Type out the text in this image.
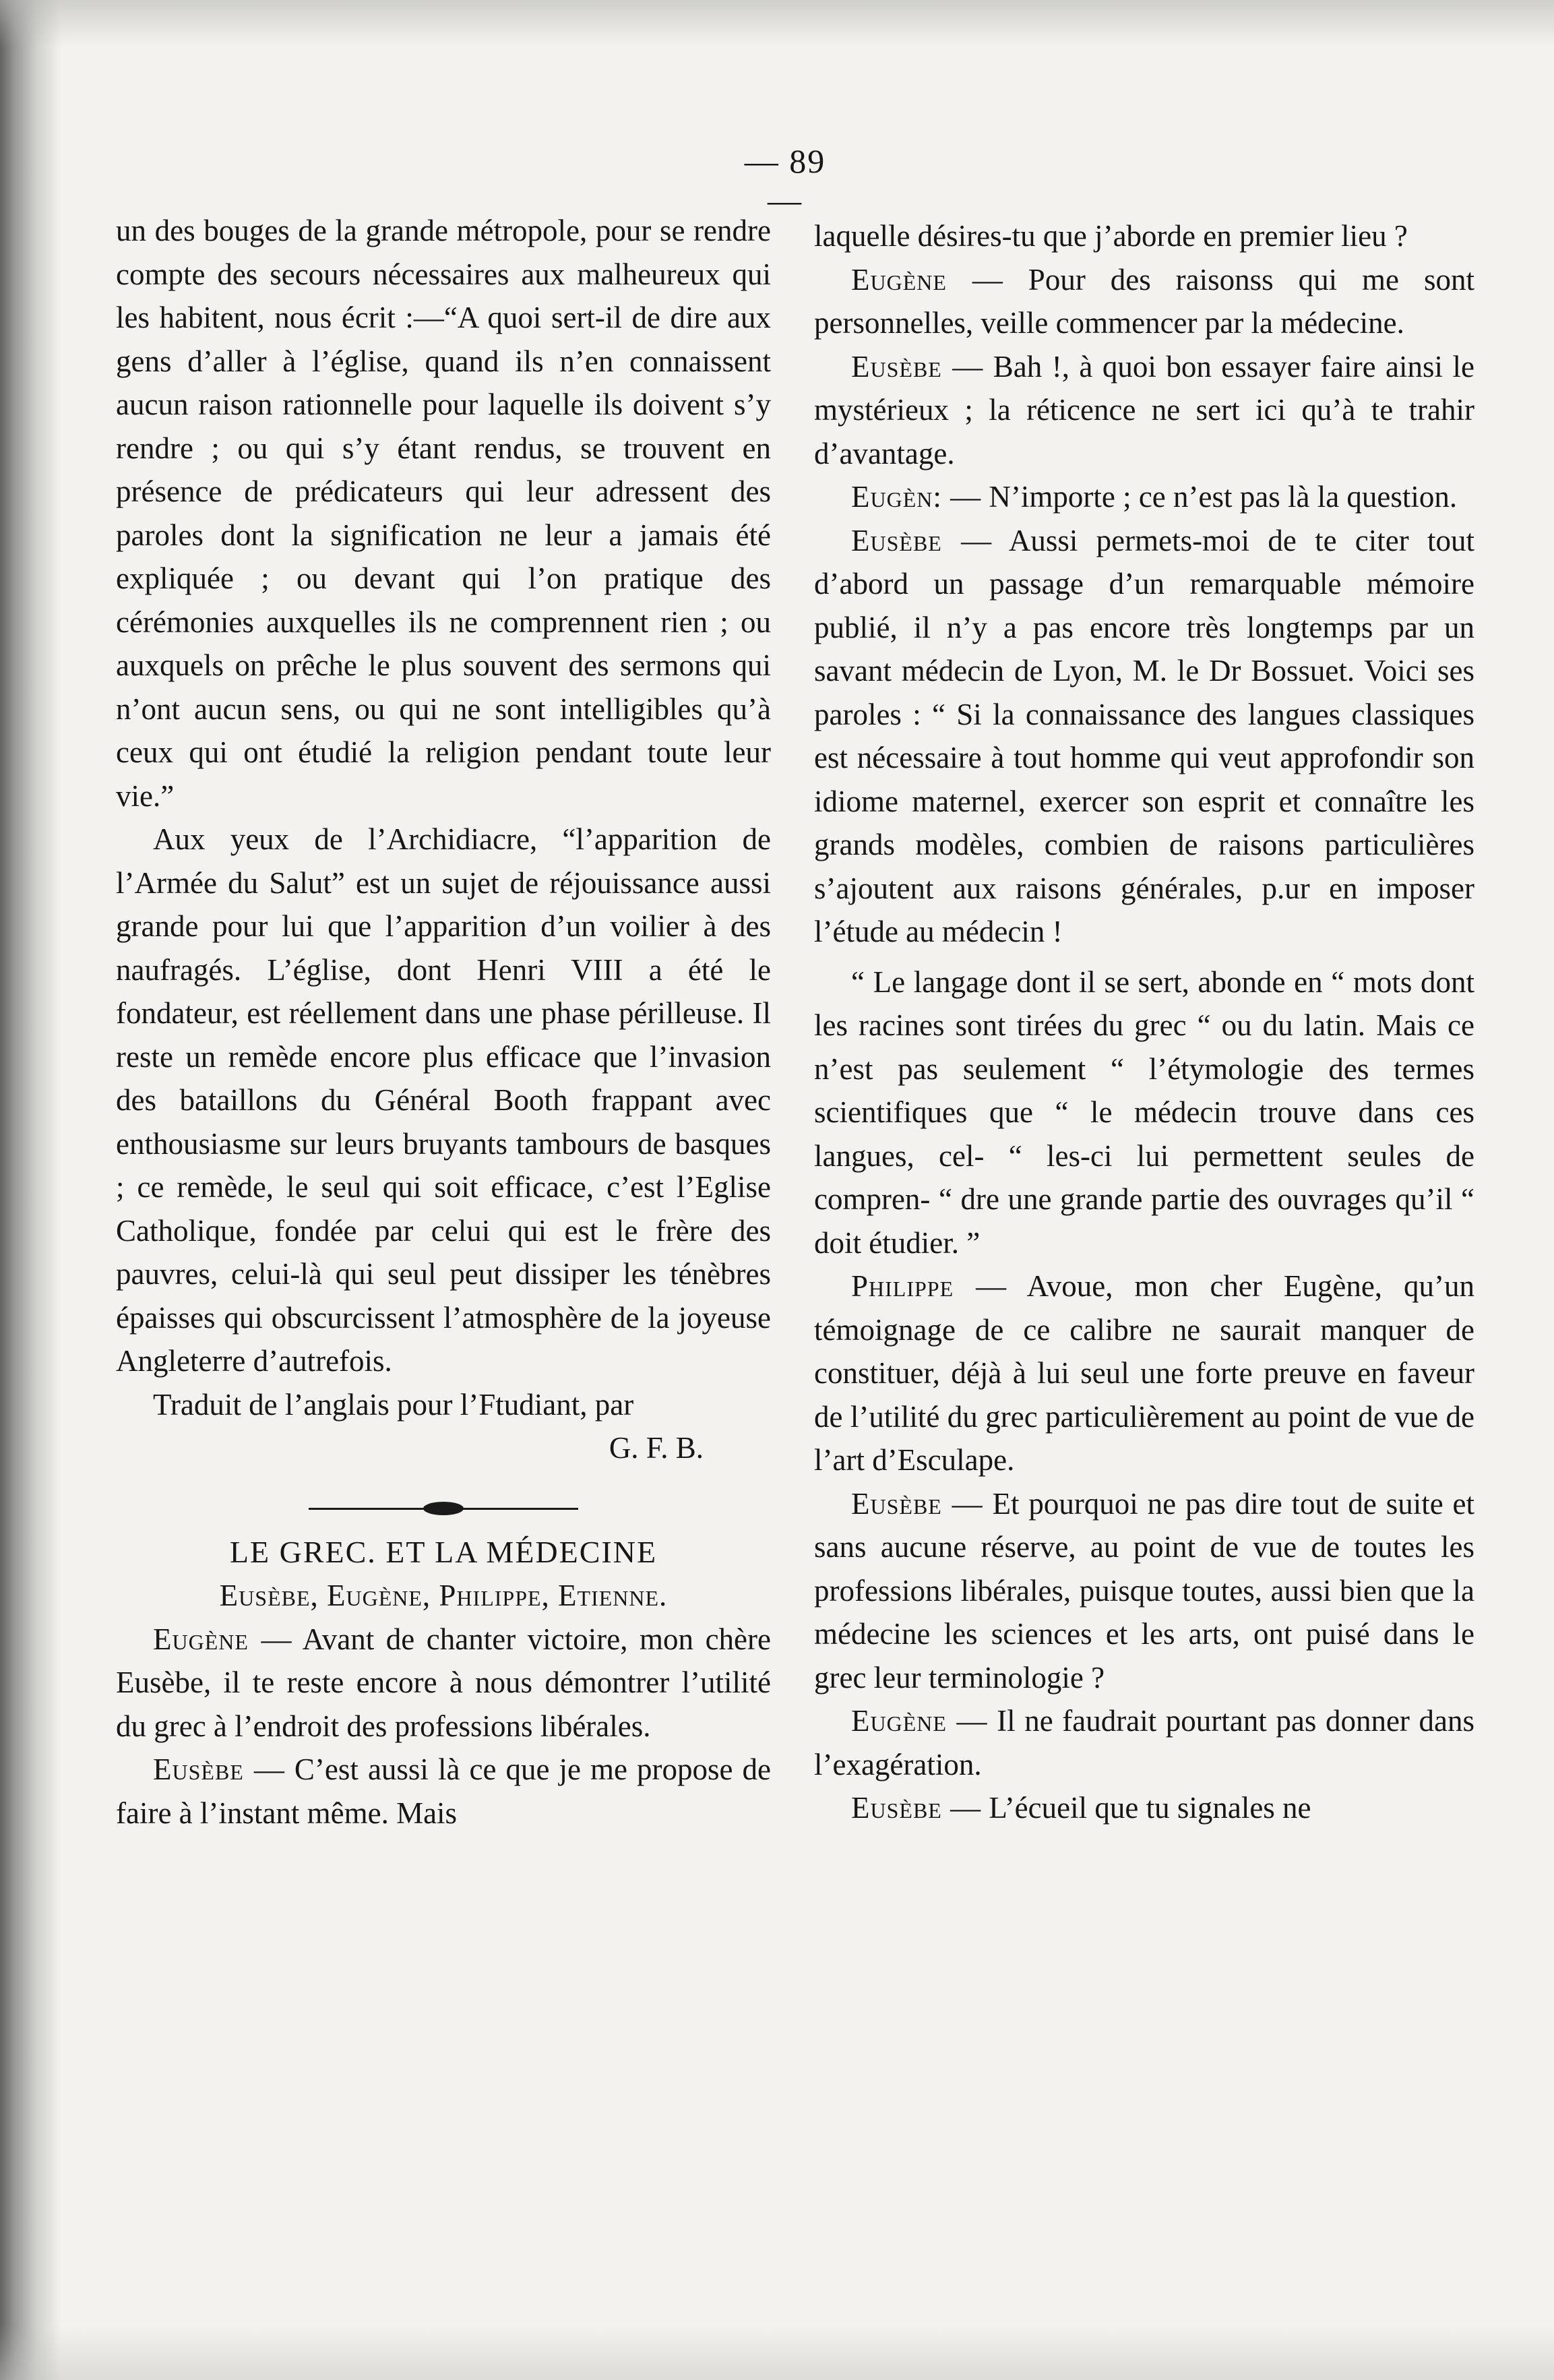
— 89 —

un des bouges de la grande métropole, pour se rendre compte des secours nécessaires aux malheureux qui les habitent, nous écrit :—“A quoi sert-il de dire aux gens d’aller à l’église, quand ils n’en connaissent aucun raison rationnelle pour laquelle ils doivent s’y rendre ; ou qui s’y étant rendus, se trouvent en présence de prédicateurs qui leur adressent des paroles dont la signification ne leur a jamais été expliquée ; ou devant qui l’on pratique des cérémonies auxquelles ils ne comprennent rien ; ou auxquels on prêche le plus souvent des sermons qui n’ont aucun sens, ou qui ne sont intelligibles qu’à ceux qui ont étudié la religion pendant toute leur vie.”

Aux yeux de l’Archidiacre, “l’apparition de l’Armée du Salut” est un sujet de réjouissance aussi grande pour lui que l’apparition d’un voilier à des naufragés. L’église, dont Henri VIII a été le fondateur, est réellement dans une phase périlleuse. Il reste un remède encore plus efficace que l’invasion des bataillons du Général Booth frappant avec enthousiasme sur leurs bruyants tambours de basques ; ce remède, le seul qui soit efficace, c’est l’Eglise Catholique, fondée par celui qui est le frère des pauvres, celui-là qui seul peut dissiper les ténèbres épaisses qui obscurcissent l’atmosphère de la joyeuse Angleterre d’autrefois.

Traduit de l’anglais pour l’Ftudiant, par

G. F. B.

LE GREC. ET LA MÉDECINE

Eusèbe, Eugène, Philippe, Etienne.

Eugène — Avant de chanter victoire, mon chère Eusèbe, il te reste encore à nous démontrer l’utilité du grec à l’endroit des professions libérales.

Eusèbe — C’est aussi là ce que je me propose de faire à l’instant même. Mais

laquelle désires-tu que j’aborde en premier lieu ?

Eugène — Pour des raisonss qui me sont personnelles, veille commencer par la médecine.

Eusèbe — Bah !, à quoi bon essayer faire ainsi le mystérieux ; la réticence ne sert ici qu’à te trahir d’avantage.

Eugèn: — N’importe ; ce n’est pas là la question.

Eusèbe — Aussi permets-moi de te citer tout d’abord un passage d’un remarquable mémoire publié, il n’y a pas encore très longtemps par un savant médecin de Lyon, M. le Dr Bossuet. Voici ses paroles : “ Si la connaissance des langues classiques est nécessaire à tout homme qui veut approfondir son idiome maternel, exercer son esprit et connaître les grands modèles, combien de raisons particulières s’ajoutent aux raisons générales, p.ur en imposer l’étude au médecin !

“ Le langage dont il se sert, abonde en “ mots dont les racines sont tirées du grec “ ou du latin. Mais ce n’est pas seulement “ l’étymologie des termes scientifiques que “ le médecin trouve dans ces langues, cel- “ les-ci lui permettent seules de compren- “ dre une grande partie des ouvrages qu’il “ doit étudier. ”

Philippe — Avoue, mon cher Eugène, qu’un témoignage de ce calibre ne saurait manquer de constituer, déjà à lui seul une forte preuve en faveur de l’utilité du grec particulièrement au point de vue de l’art d’Esculape.

Eusèbe — Et pourquoi ne pas dire tout de suite et sans aucune réserve, au point de vue de toutes les professions libérales, puisque toutes, aussi bien que la médecine les sciences et les arts, ont puisé dans le grec leur terminologie ?

Eugène — Il ne faudrait pourtant pas donner dans l’exagération.

Eusèbe — L’écueil que tu signales ne
